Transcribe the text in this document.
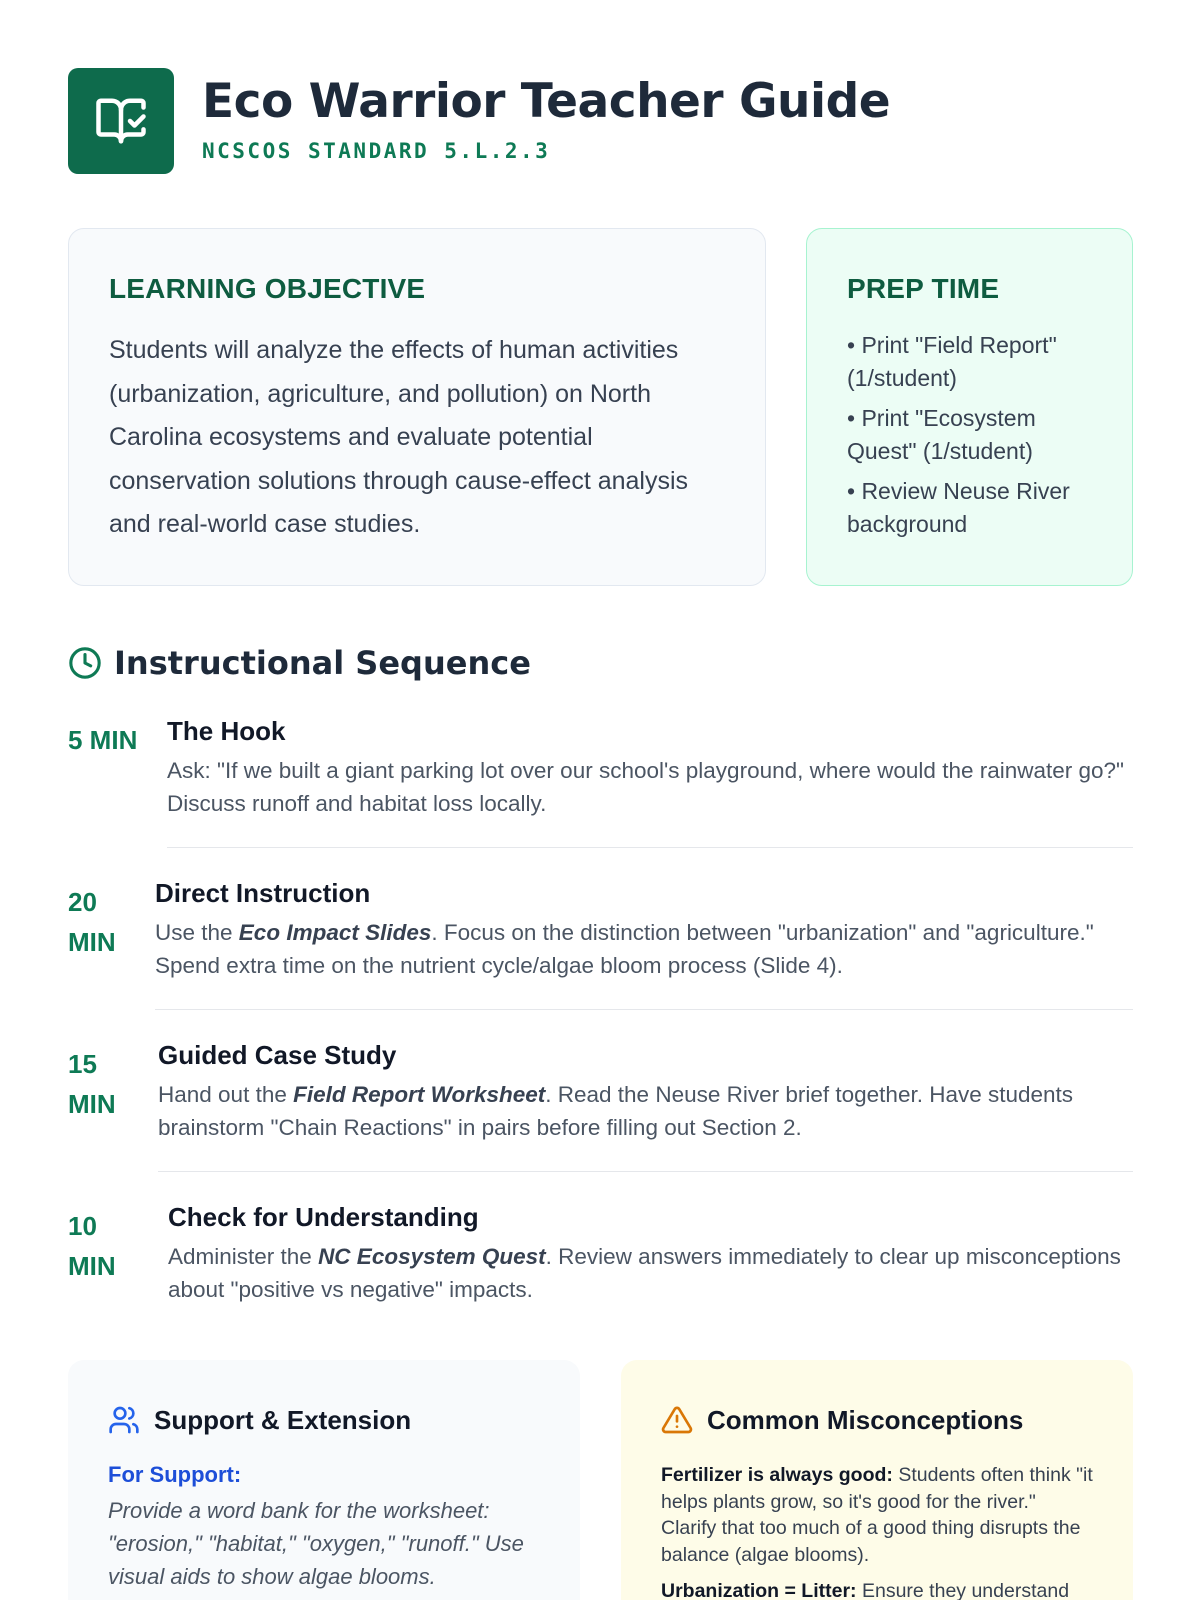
Eco Warrior Teacher Guide
NCSCOS STANDARD 5.L.2.3
LEARNING OBJECTIVE

Students will analyze the effects of human activities (urbanization, agriculture, and pollution) on North Carolina ecosystems and evaluate potential conservation solutions through cause-effect analysis and real-world case studies.

PREP TIME
• Print "Field Report" (1/student)
• Print "Ecosystem Quest" (1/student)
• Review Neuse River background
Instructional Sequence
5 MIN	The Hook

Ask: "If we built a giant parking lot over our school's playground, where would the rainwater go?" Discuss runoff and habitat loss locally.

20 MIN
Direct Instruction

Use the Eco Impact Slides. Focus on the distinction between "urbanization" and "agriculture." Spend extra time on the nutrient cycle/algae bloom process (Slide 4).

15 MIN
Guided Case Study

Hand out the Field Report Worksheet. Read the Neuse River brief together. Have students brainstorm "Chain Reactions" in pairs before filling out Section 2.

10 MIN
Check for Understanding

Administer the NC Ecosystem Quest. Review answers immediately to clear up misconceptions about "positive vs negative" impacts.

Support & Extension
For Support:

Provide a word bank for the worksheet: "erosion," "habitat," "oxygen," "runoff." Use visual aids to show algae blooms.

Common Misconceptions

Fertilizer is always good: Students often think "it helps plants grow, so it's good for the river." Clarify that too much of a good thing disrupts the balance (algae blooms).

Urbanization = Litter: Ensure they understand
